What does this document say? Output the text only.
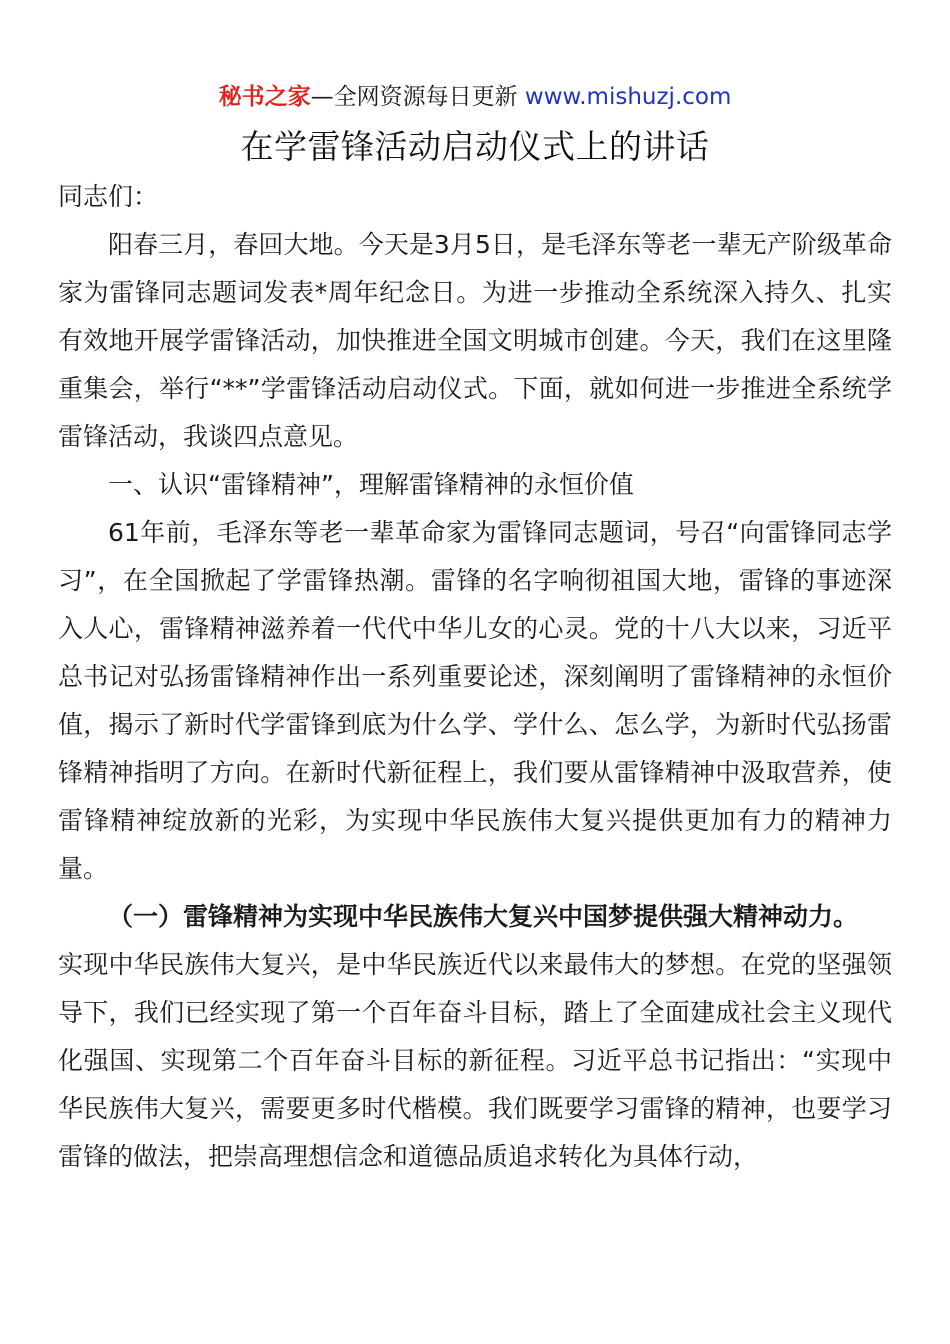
秘书之家—全网资源每日更新 www.mishuzj.com
在学雷锋活动启动仪式上的讲话

同志们：

阳春三月，春回大地。今天是3月5日，是毛泽东等老一辈无产阶级革命家为雷锋同志题词发表*周年纪念日。为进一步推动全系统深入持久、扎实有效地开展学雷锋活动，加快推进全国文明城市创建。今天，我们在这里隆重集会，举行“**”学雷锋活动启动仪式。下面，就如何进一步推进全系统学雷锋活动，我谈四点意见。

一、认识“雷锋精神”，理解雷锋精神的永恒价值

61年前，毛泽东等老一辈革命家为雷锋同志题词，号召“向雷锋同志学习”，在全国掀起了学雷锋热潮。雷锋的名字响彻祖国大地，雷锋的事迹深入人心，雷锋精神滋养着一代代中华儿女的心灵。党的十八大以来，习近平总书记对弘扬雷锋精神作出一系列重要论述，深刻阐明了雷锋精神的永恒价值，揭示了新时代学雷锋到底为什么学、学什么、怎么学，为新时代弘扬雷锋精神指明了方向。在新时代新征程上，我们要从雷锋精神中汲取营养，使雷锋精神绽放新的光彩，为实现中华民族伟大复兴提供更加有力的精神力量。

（一）雷锋精神为实现中华民族伟大复兴中国梦提供强大精神动力。

实现中华民族伟大复兴，是中华民族近代以来最伟大的梦想。在党的坚强领导下，我们已经实现了第一个百年奋斗目标，踏上了全面建成社会主义现代化强国、实现第二个百年奋斗目标的新征程。习近平总书记指出：“实现中华民族伟大复兴，需要更多时代楷模。我们既要学习雷锋的精神，也要学习雷锋的做法，把崇高理想信念和道德品质追求转化为具体行动，
